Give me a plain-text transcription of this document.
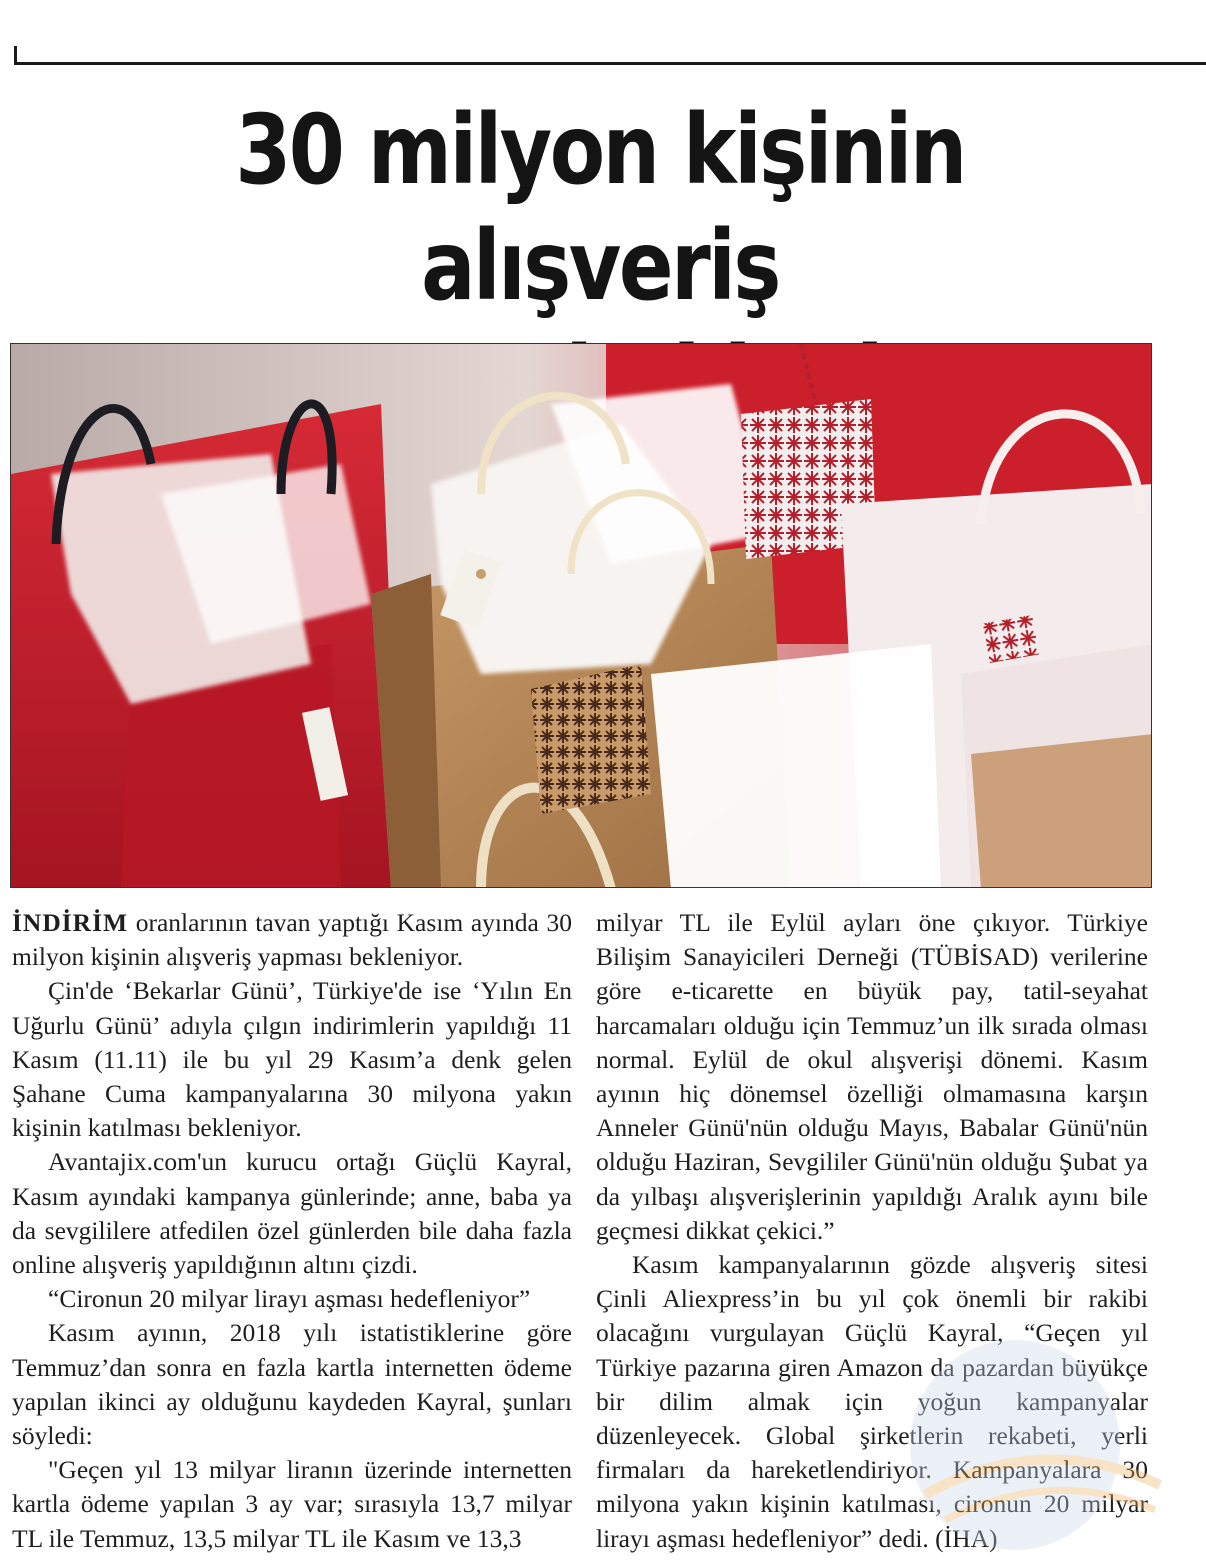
30 milyon kişinin alışveriş

İNDİRİM oranlarının tavan yaptığı Kasım ayında 30 milyon kişinin alışveriş yapması bekleniyor.

Çin'de ‘Bekarlar Günü’, Türkiye'de ise ‘Yılın En Uğurlu Günü’ adıyla çılgın indirimlerin yapıldığı 11 Kasım (11.11) ile bu yıl 29 Kasım’a denk gelen Şahane Cuma kampanyalarına 30 milyona yakın kişinin katılması bekleniyor.

Avantajix.com'un kurucu ortağı Güçlü Kayral, Kasım ayındaki kampanya günlerinde; anne, baba ya da sevgililere atfedilen özel günlerden bile daha fazla online alışveriş yapıldığının altını çizdi.

“Cironun 20 milyar lirayı aşması hedefleniyor”

Kasım ayının, 2018 yılı istatistiklerine göre Temmuz’dan sonra en fazla kartla internetten ödeme yapılan ikinci ay olduğunu kaydeden Kayral, şunları söyledi:

"Geçen yıl 13 milyar liranın üzerinde internetten kartla ödeme yapılan 3 ay var; sırasıyla 13,7 milyar TL ile Temmuz, 13,5 milyar TL ile Kasım ve 13,3

milyar TL ile Eylül ayları öne çıkıyor. Türkiye Bilişim Sanayicileri Derneği (TÜBİSAD) verilerine göre e-ticarette en büyük pay, tatil-seyahat harcamaları olduğu için Temmuz’un ilk sırada olması normal. Eylül de okul alışverişi dönemi. Kasım ayının hiç dönemsel özelliği olmamasına karşın Anneler Günü'nün olduğu Mayıs, Babalar Günü'nün olduğu Haziran, Sevgililer Günü'nün olduğu Şubat ya da yılbaşı alışverişlerinin yapıldığı Aralık ayını bile geçmesi dikkat çekici.”

Kasım kampanyalarının gözde alışveriş sitesi Çinli Aliexpress’in bu yıl çok önemli bir rakibi olacağını vurgulayan Güçlü Kayral, “Geçen yıl Türkiye pazarına giren Amazon da pazardan büyükçe bir dilim almak için yoğun kampanyalar düzenleyecek. Global şirketlerin rekabeti, yerli firmaları da hareketlendiriyor. Kampanyalara 30 milyona yakın kişinin katılması, cironun 20 milyar lirayı aşması hedefleniyor” dedi. (İHA)
